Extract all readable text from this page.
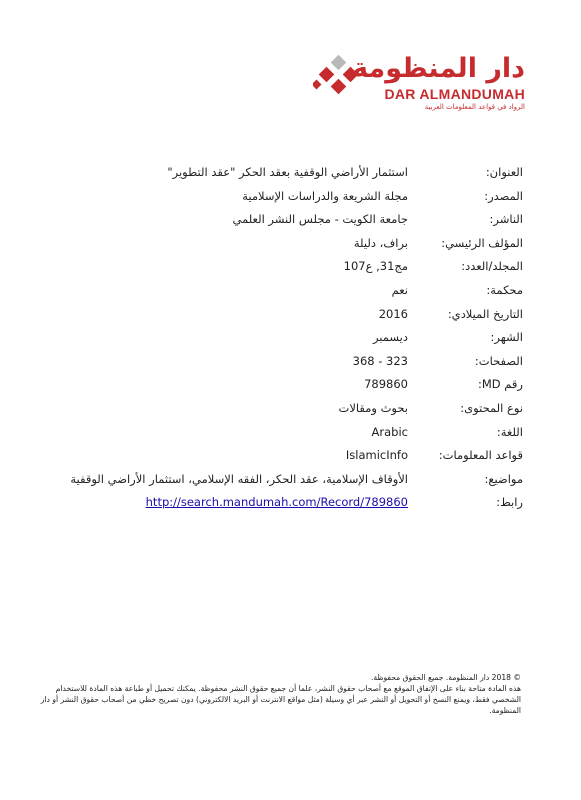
دار المنظومة
DAR ALMANDUMAH
الرواد في قواعد المعلومات العربية
العنوان:
استثمار الأراضي الوقفية بعقد الحكر "عقد التطوير"
المصدر:
مجلة الشريعة والدراسات الإسلامية
الناشر:
جامعة الكويت - مجلس النشر العلمي
المؤلف الرئيسي:
براف، دليلة
المجلد/العدد:
مج31, ع107
محكمة:
نعم
التاريخ الميلادي:
2016
الشهر:
ديسمبر
الصفحات:
323 - 368
رقم MD:
789860
نوع المحتوى:
بحوث ومقالات
اللغة:
Arabic
قواعد المعلومات:
IslamicInfo
مواضيع:
الأوقاف الإسلامية، عقد الحكر، الفقه الإسلامي، استثمار الأراضي الوقفية
رابط:
http://search.mandumah.com/Record/789860

© 2018 دار المنظومة. جميع الحقوق محفوظة.

هذه المادة متاحة بناء على الإتفاق الموقع مع أصحاب حقوق النشر، علما أن جميع حقوق النشر محفوظة. يمكنك تحميل أو طباعة هذه المادة للاستخدام الشخصي فقط، ويمنع النسخ أو التحويل أو النشر عبر أي وسيلة (مثل مواقع الانترنت أو البريد الالكتروني) دون تصريح خطي من أصحاب حقوق النشر أو دار المنظومة.
